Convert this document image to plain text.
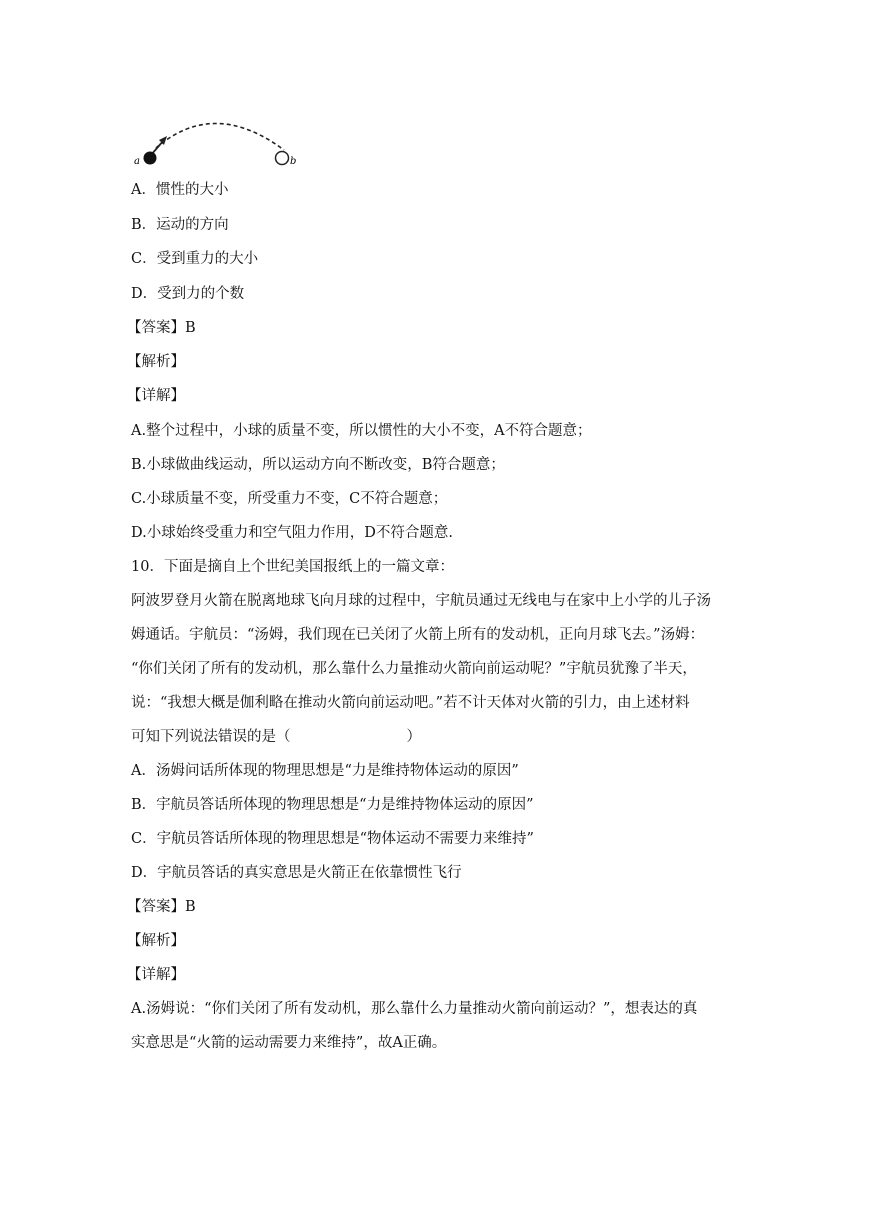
a	b
A．惯性的大小
B．运动的方向
C．受到重力的大小
D．受到力的个数
【答案】B
【解析】
【详解】
A.整个过程中，小球的质量不变，所以惯性的大小不变，A不符合题意；
B.小球做曲线运动，所以运动方向不断改变，B符合题意；
C.小球质量不变，所受重力不变，C不符合题意；
D.小球始终受重力和空气阻力作用，D不符合题意.
10．下面是摘自上个世纪美国报纸上的一篇文章：
阿波罗登月火箭在脱离地球飞向月球的过程中，宇航员通过无线电与在家中上小学的儿子汤
姆通话。宇航员：“汤姆，我们现在已关闭了火箭上所有的发动机，正向月球飞去。”汤姆：
“你们关闭了所有的发动机，那么靠什么力量推动火箭向前运动呢？”宇航员犹豫了半天，
说：“我想大概是伽利略在推动火箭向前运动吧。”若不计天体对火箭的引力，由上述材料
可知下列说法错误的是（　　　　　　　　）
A．汤姆问话所体现的物理思想是“力是维持物体运动的原因”
B．宇航员答话所体现的物理思想是“力是维持物体运动的原因”
C．宇航员答话所体现的物理思想是“物体运动不需要力来维持”
D．宇航员答话的真实意思是火箭正在依靠惯性飞行
【答案】B
【解析】
【详解】
A.汤姆说：“你们关闭了所有发动机，那么靠什么力量推动火箭向前运动？”，想表达的真
实意思是“火箭的运动需要力来维持”，故A正确。
